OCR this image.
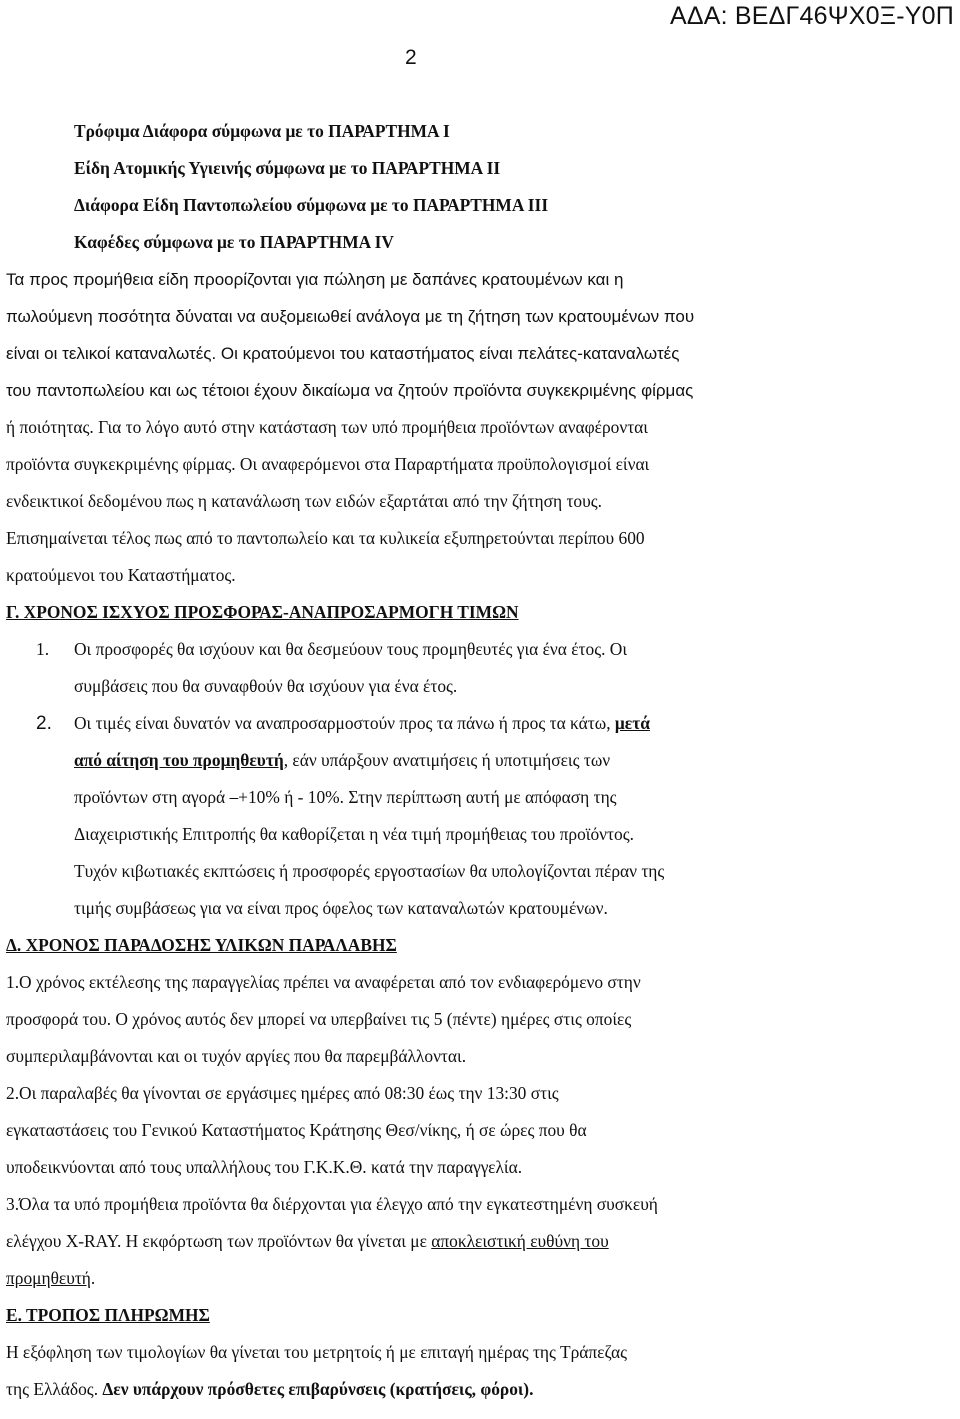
ΑΔΑ: ΒΕΔΓ46ΨΧ0Ξ-Υ0Π
2
Τρόφιμα Διάφορα σύμφωνα με το ΠΑΡΑΡΤΗΜΑ Ι
Είδη Ατομικής Υγιεινής σύμφωνα με το ΠΑΡΑΡΤΗΜΑ ΙΙ
Διάφορα Είδη Παντοπωλείου σύμφωνα με το ΠΑΡΑΡΤΗΜΑ ΙΙΙ
Καφέδες σύμφωνα με το ΠΑΡΑΡΤΗΜΑ ΙV
Τα προς προμήθεια είδη προορίζονται για πώληση με δαπάνες κρατουμένων και η
πωλούμενη ποσότητα δύναται να αυξομειωθεί ανάλογα με τη ζήτηση των κρατουμένων που
είναι οι τελικοί καταναλωτές. Οι κρατούμενοι του καταστήματος είναι πελάτες-καταναλωτές
του παντοπωλείου και ως τέτοιοι έχουν δικαίωμα να ζητούν προϊόντα συγκεκριμένης φίρμας
ή ποιότητας. Για το λόγο αυτό στην κατάσταση των υπό προμήθεια προϊόντων αναφέρονται
προϊόντα συγκεκριμένης φίρμας. Οι αναφερόμενοι στα Παραρτήματα προϋπολογισμοί είναι
ενδεικτικοί δεδομένου πως η κατανάλωση των ειδών εξαρτάται από την ζήτηση τους.
Επισημαίνεται τέλος πως από το παντοπωλείο και τα κυλικεία εξυπηρετούνται περίπου 600
κρατούμενοι του Καταστήματος.
Γ. ΧΡΟΝΟΣ ΙΣΧΥΟΣ ΠΡΟΣΦΟΡΑΣ-ΑΝΑΠΡΟΣΑΡΜΟΓΗ ΤΙΜΩΝ
1. Οι προσφορές θα ισχύουν και θα δεσμεύουν τους προμηθευτές για ένα έτος. Οι
συμβάσεις που θα συναφθούν θα ισχύουν για ένα έτος.
2. Οι τιμές είναι δυνατόν να αναπροσαρμοστούν προς τα πάνω ή προς τα κάτω, μετά
από αίτηση του προμηθευτή, εάν υπάρξουν ανατιμήσεις ή υποτιμήσεις των
προϊόντων στη αγορά ⎯+10% ή - 10%. Στην περίπτωση αυτή με απόφαση της
Διαχειριστικής Επιτροπής θα καθορίζεται η νέα τιμή προμήθειας του προϊόντος.
Τυχόν κιβωτιακές εκπτώσεις ή προσφορές εργοστασίων θα υπολογίζονται πέραν της
τιμής συμβάσεως για να είναι προς όφελος των καταναλωτών κρατουμένων.
Δ. ΧΡΟΝΟΣ ΠΑΡΑΔΟΣΗΣ ΥΛΙΚΩΝ ΠΑΡΑΛΑΒΗΣ
1.Ο χρόνος εκτέλεσης της παραγγελίας πρέπει να αναφέρεται από τον ενδιαφερόμενο στην
προσφορά του. Ο χρόνος αυτός δεν μπορεί να υπερβαίνει τις 5 (πέντε) ημέρες στις οποίες
συμπεριλαμβάνονται και οι τυχόν αργίες που θα παρεμβάλλονται.
2.Οι παραλαβές θα γίνονται σε εργάσιμες ημέρες από 08:30 έως την 13:30 στις
εγκαταστάσεις του Γενικού Καταστήματος Κράτησης Θεσ/νίκης, ή σε ώρες που θα
υποδεικνύονται από τους υπαλλήλους του Γ.Κ.Κ.Θ. κατά την παραγγελία.
3.Όλα τα υπό προμήθεια προϊόντα θα διέρχονται για έλεγχο από την εγκατεστημένη συσκευή
ελέγχου X-RAY. Η εκφόρτωση των προϊόντων θα γίνεται με αποκλειστική ευθύνη του
προμηθευτή.
Ε. ΤΡΟΠΟΣ ΠΛΗΡΩΜΗΣ
Η εξόφληση των τιμολογίων θα γίνεται του μετρητοίς ή με επιταγή ημέρας της Τράπεζας
της Ελλάδος. Δεν υπάρχουν πρόσθετες επιβαρύνσεις (κρατήσεις, φόροι).
